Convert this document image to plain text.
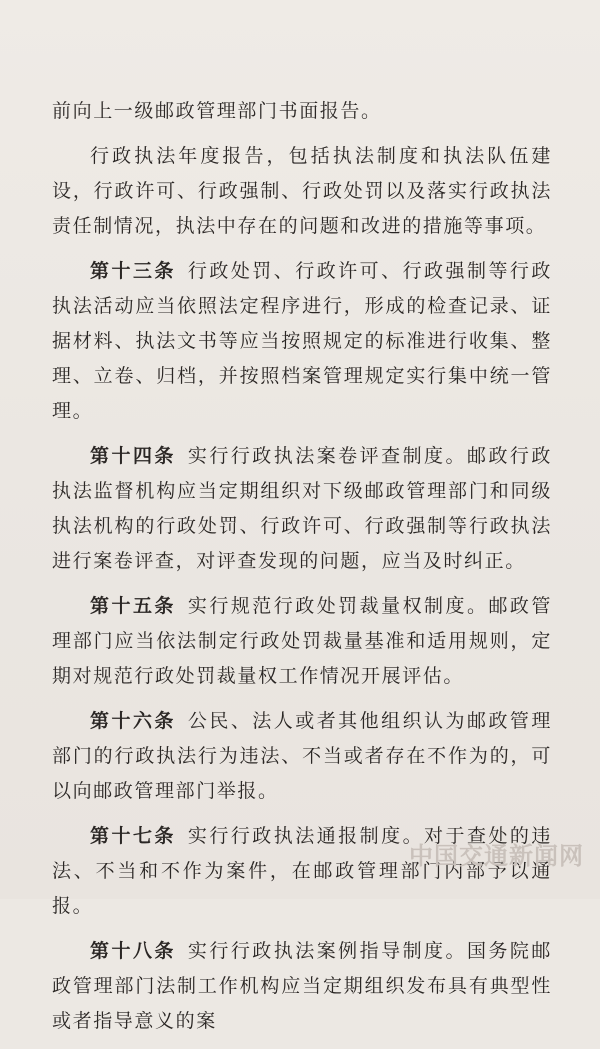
前向上一级邮政管理部门书面报告。

行政执法年度报告，包括执法制度和执法队伍建设，行政许可、行政强制、行政处罚以及落实行政执法责任制情况，执法中存在的问题和改进的措施等事项。

第十三条 行政处罚、行政许可、行政强制等行政执法活动应当依照法定程序进行，形成的检查记录、证据材料、执法文书等应当按照规定的标准进行收集、整理、立卷、归档，并按照档案管理规定实行集中统一管理。

第十四条 实行行政执法案卷评查制度。邮政行政执法监督机构应当定期组织对下级邮政管理部门和同级执法机构的行政处罚、行政许可、行政强制等行政执法进行案卷评查，对评查发现的问题，应当及时纠正。

第十五条 实行规范行政处罚裁量权制度。邮政管理部门应当依法制定行政处罚裁量基准和适用规则，定期对规范行政处罚裁量权工作情况开展评估。

第十六条 公民、法人或者其他组织认为邮政管理部门的行政执法行为违法、不当或者存在不作为的，可以向邮政管理部门举报。

第十七条 实行行政执法通报制度。对于查处的违法、不当和不作为案件，在邮政管理部门内部予以通报。

第十八条 实行行政执法案例指导制度。国务院邮政管理部门法制工作机构应当定期组织发布具有典型性或者指导意义的案

中国交通新闻网
